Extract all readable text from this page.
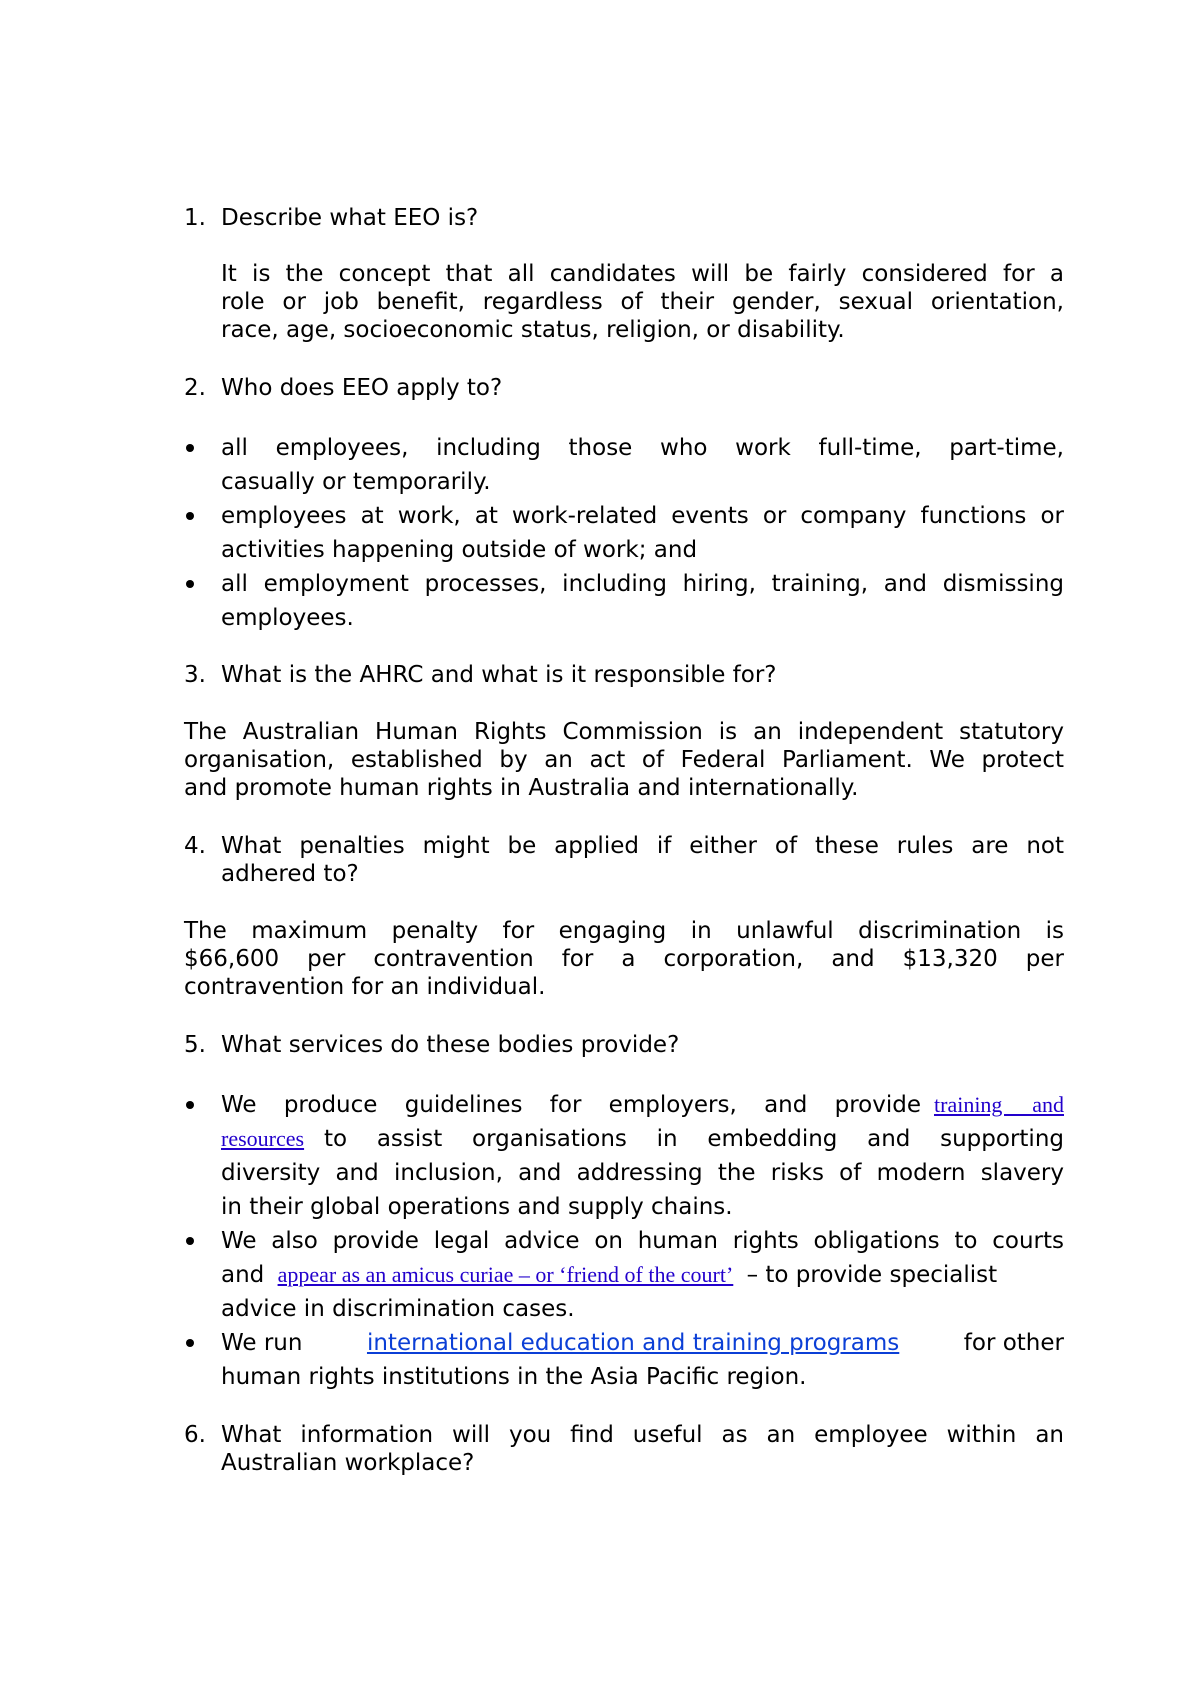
1. Describe what EEO is?
It is the concept that all candidates will be fairly considered for a
role or job benefit, regardless of their gender, sexual orientation,
race, age, socioeconomic status, religion, or disability.
2. Who does EEO apply to?
all employees, including those who work full-time, part-time,
casually or temporarily.
employees at work, at work-related events or company functions or
activities happening outside of work; and
all employment processes, including hiring, training, and dismissing
employees.
3. What is the AHRC and what is it responsible for?
The Australian Human Rights Commission is an independent statutory
organisation, established by an act of Federal Parliament. We protect
and promote human rights in Australia and internationally.
4. What penalties might be applied if either of these rules are not
adhered to?
The maximum penalty for engaging in unlawful discrimination is
$66,600 per contravention for a corporation, and $13,320 per
contravention for an individual.
5. What services do these bodies provide?
We produce guidelines for employers, and provide training and
resources to assist organisations in embedding and supporting
diversity and inclusion, and addressing the risks of modern slavery
in their global operations and supply chains.
We also provide legal advice on human rights obligations to courts
and appear as an amicus curiae – or ‘friend of the court’ – to provide specialist
advice in discrimination cases.
We run	international education and training programs	for other
human rights institutions in the Asia Pacific region.
6. What information will you find useful as an employee within an
Australian workplace?
